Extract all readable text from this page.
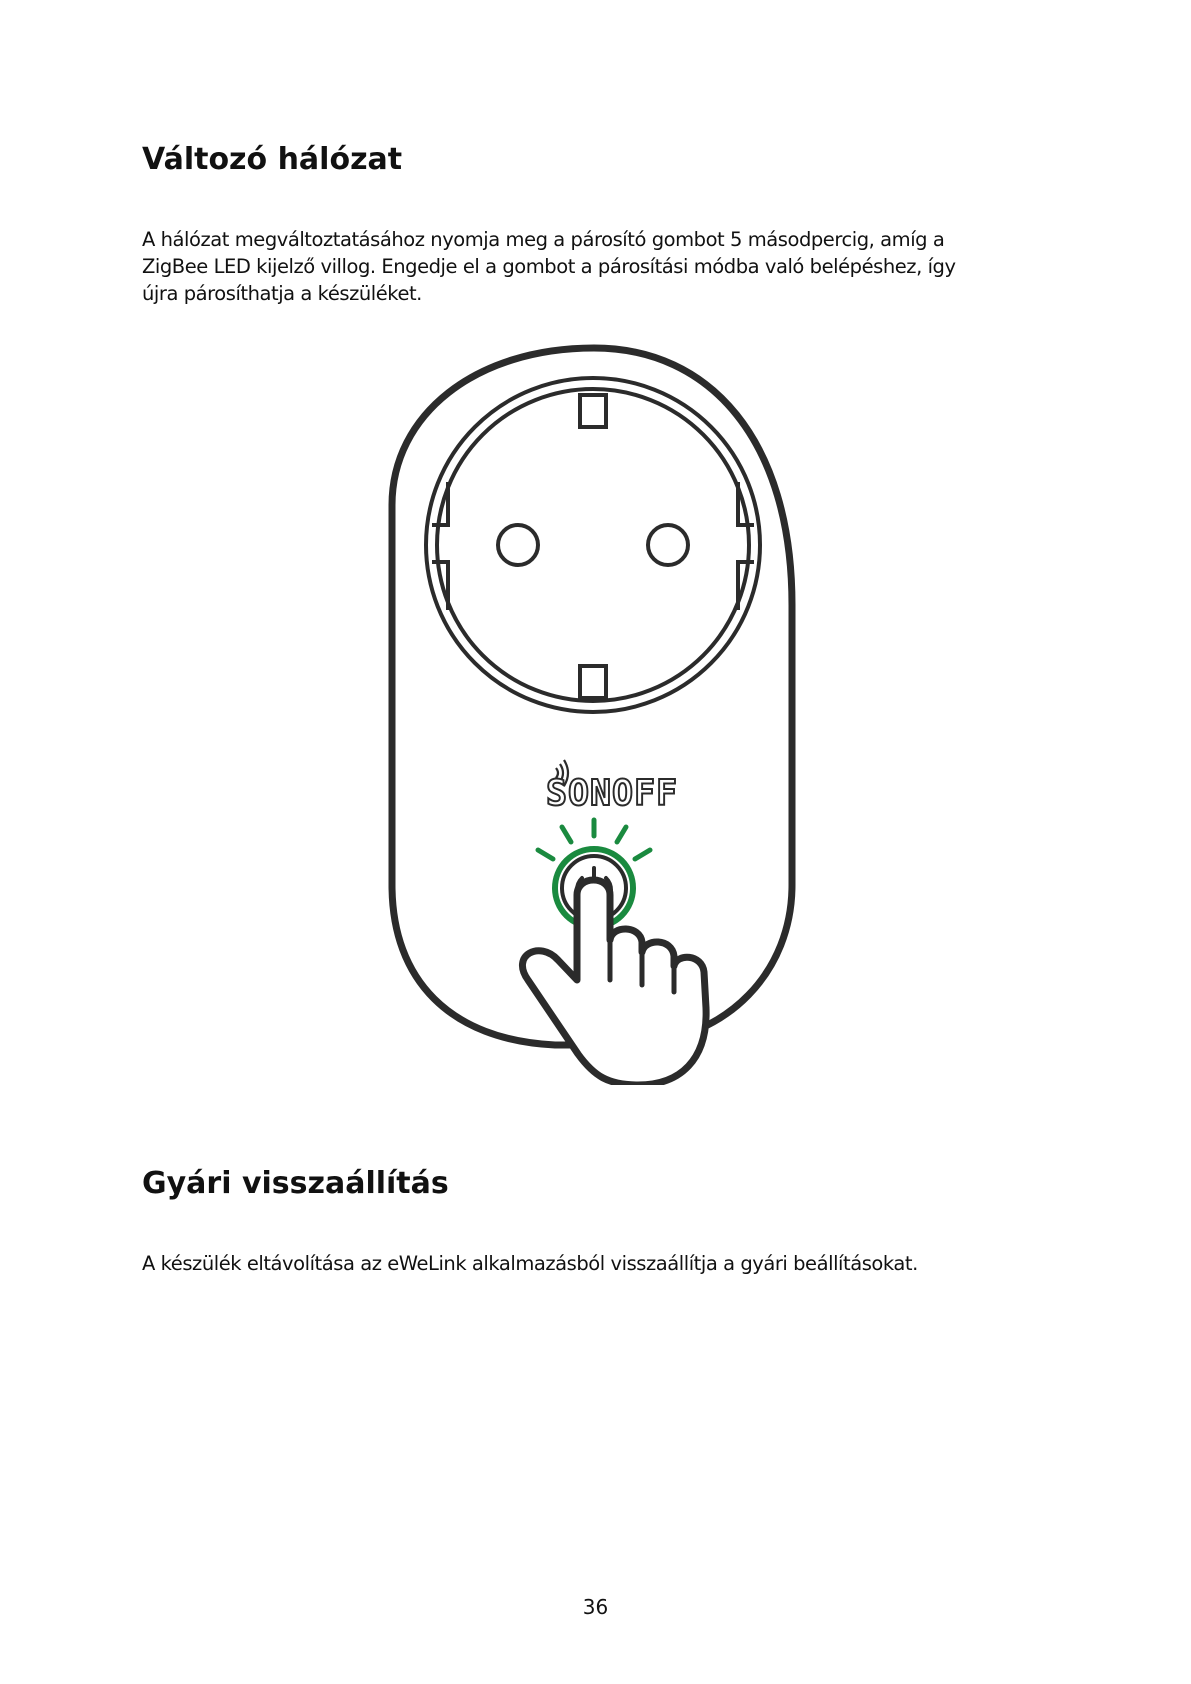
Változó hálózat

A hálózat megváltoztatásához nyomja meg a párosító gombot 5 másodpercig, amíg a
ZigBee LED kijelző villog. Engedje el a gombot a párosítási módba való belépéshez, így
újra párosíthatja a készüléket.

SONOFF
Gyári visszaállítás

A készülék eltávolítása az eWeLink alkalmazásból visszaállítja a gyári beállításokat.

36
